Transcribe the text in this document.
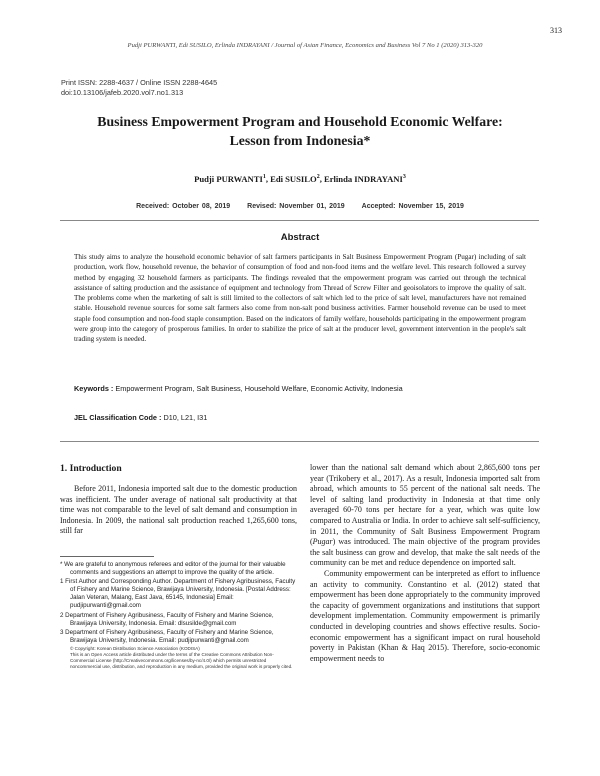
313
Pudji PURWANTI, Edi SUSILO, Erlinda INDRAYANI / Journal of Asian Finance, Economics and Business Vol 7 No 1 (2020) 313-320
Print ISSN: 2288-4637 / Online ISSN 2288-4645
doi:10.13106/jafeb.2020.vol7.no1.313
Business Empowerment Program and Household Economic Welfare:
Lesson from Indonesia*
Pudji PURWANTI$^1$, Edi SUSILO$^2$, Erlinda INDRAYANI$^3$
Received: October 08, 2019 Revised: November 01, 2019 Accepted: November 15, 2019
Abstract

This study aims to analyze the household economic behavior of salt farmers participants in Salt Business Empowerment Program (Pugar) including of salt production, work flow, household revenue, the behavior of consumption of food and non-food items and the welfare level. This research followed a survey method by engaging 32 household farmers as participants. The findings revealed that the empowerment program was carried out through the technical assistance of salting production and the assistance of equipment and technology from Thread of Screw Filter and geoisolators to improve the quality of salt. The problems come when the marketing of salt is still limited to the collectors of salt which led to the price of salt level, manufacturers have not remained stable. Household revenue sources for some salt farmers also come from non-salt pond business activities. Farmer household revenue can be used to meet staple food consumption and non-food staple consumption. Based on the indicators of family welfare, households participating in the empowerment program were group into the category of prosperous families. In order to stabilize the price of salt at the producer level, government intervention in the people's salt trading system is needed.

Keywords : Empowerment Program, Salt Business, Household Welfare, Economic Activity, Indonesia
JEL Classification Code : D10, L21, I31
1. Introduction

Before 2011, Indonesia imported salt due to the domestic production was inefficient. The under average of national salt productivity at that time was not comparable to the level of salt demand and consumption in Indonesia. In 2009, the national salt production reached 1,265,600 tons, still far

* We are grateful to anonymous referees and editor of the journal for their valuable comments and suggestions an attempt to improve the quality of the article.

1 First Author and Corresponding Author. Department of Fishery Agribusiness, Faculty of Fishery and Marine Science, Brawijaya University, Indonesia. [Postal Address: Jalan Veteran, Malang, East Java, 65145, Indonesia] Email: pudjipurwanti@gmail.com

2 Department of Fishery Agribusiness, Faculty of Fishery and Marine Science, Brawijaya University, Indonesia. Email: dlsusilde@gmail.com

3 Department of Fishery Agribusiness, Faculty of Fishery and Marine Science, Brawijaya University, Indonesia. Email: pudjipurwanti@gmail.com

© Copyright: Korean Distribution Science Association (KODISA)

This is an Open Access article distributed under the terms of the Creative Commons Attribution Non-Commercial License (http://Creativecommons.org/licenses/by-nc/4.0/) which permits unrestricted noncommercial use, distribution, and reproduction in any medium, provided the original work is properly cited.

lower than the national salt demand which about 2,865,600 tons per year (Trikobery et al., 2017). As a result, Indonesia imported salt from abroad, which amounts to 55 percent of the national salt needs. The level of salting land productivity in Indonesia at that time only averaged 60-70 tons per hectare for a year, which was quite low compared to Australia or India. In order to achieve salt self-sufficiency, in 2011, the Community of Salt Business Empowerment Program (Pugar) was introduced. The main objective of the program provides the salt business can grow and develop, that make the salt needs of the community can be met and reduce dependence on imported salt.

Community empowerment can be interpreted as effort to influence an activity to community. Constantino et al. (2012) stated that empowerment has been done appropriately to the community improved the capacity of government organizations and institutions that support development implementation. Community empowerment is primarily conducted in developing countries and shows effective results. Socio-economic empowerment has a significant impact on rural household poverty in Pakistan (Khan & Haq 2015). Therefore, socio-economic empowerment needs to
